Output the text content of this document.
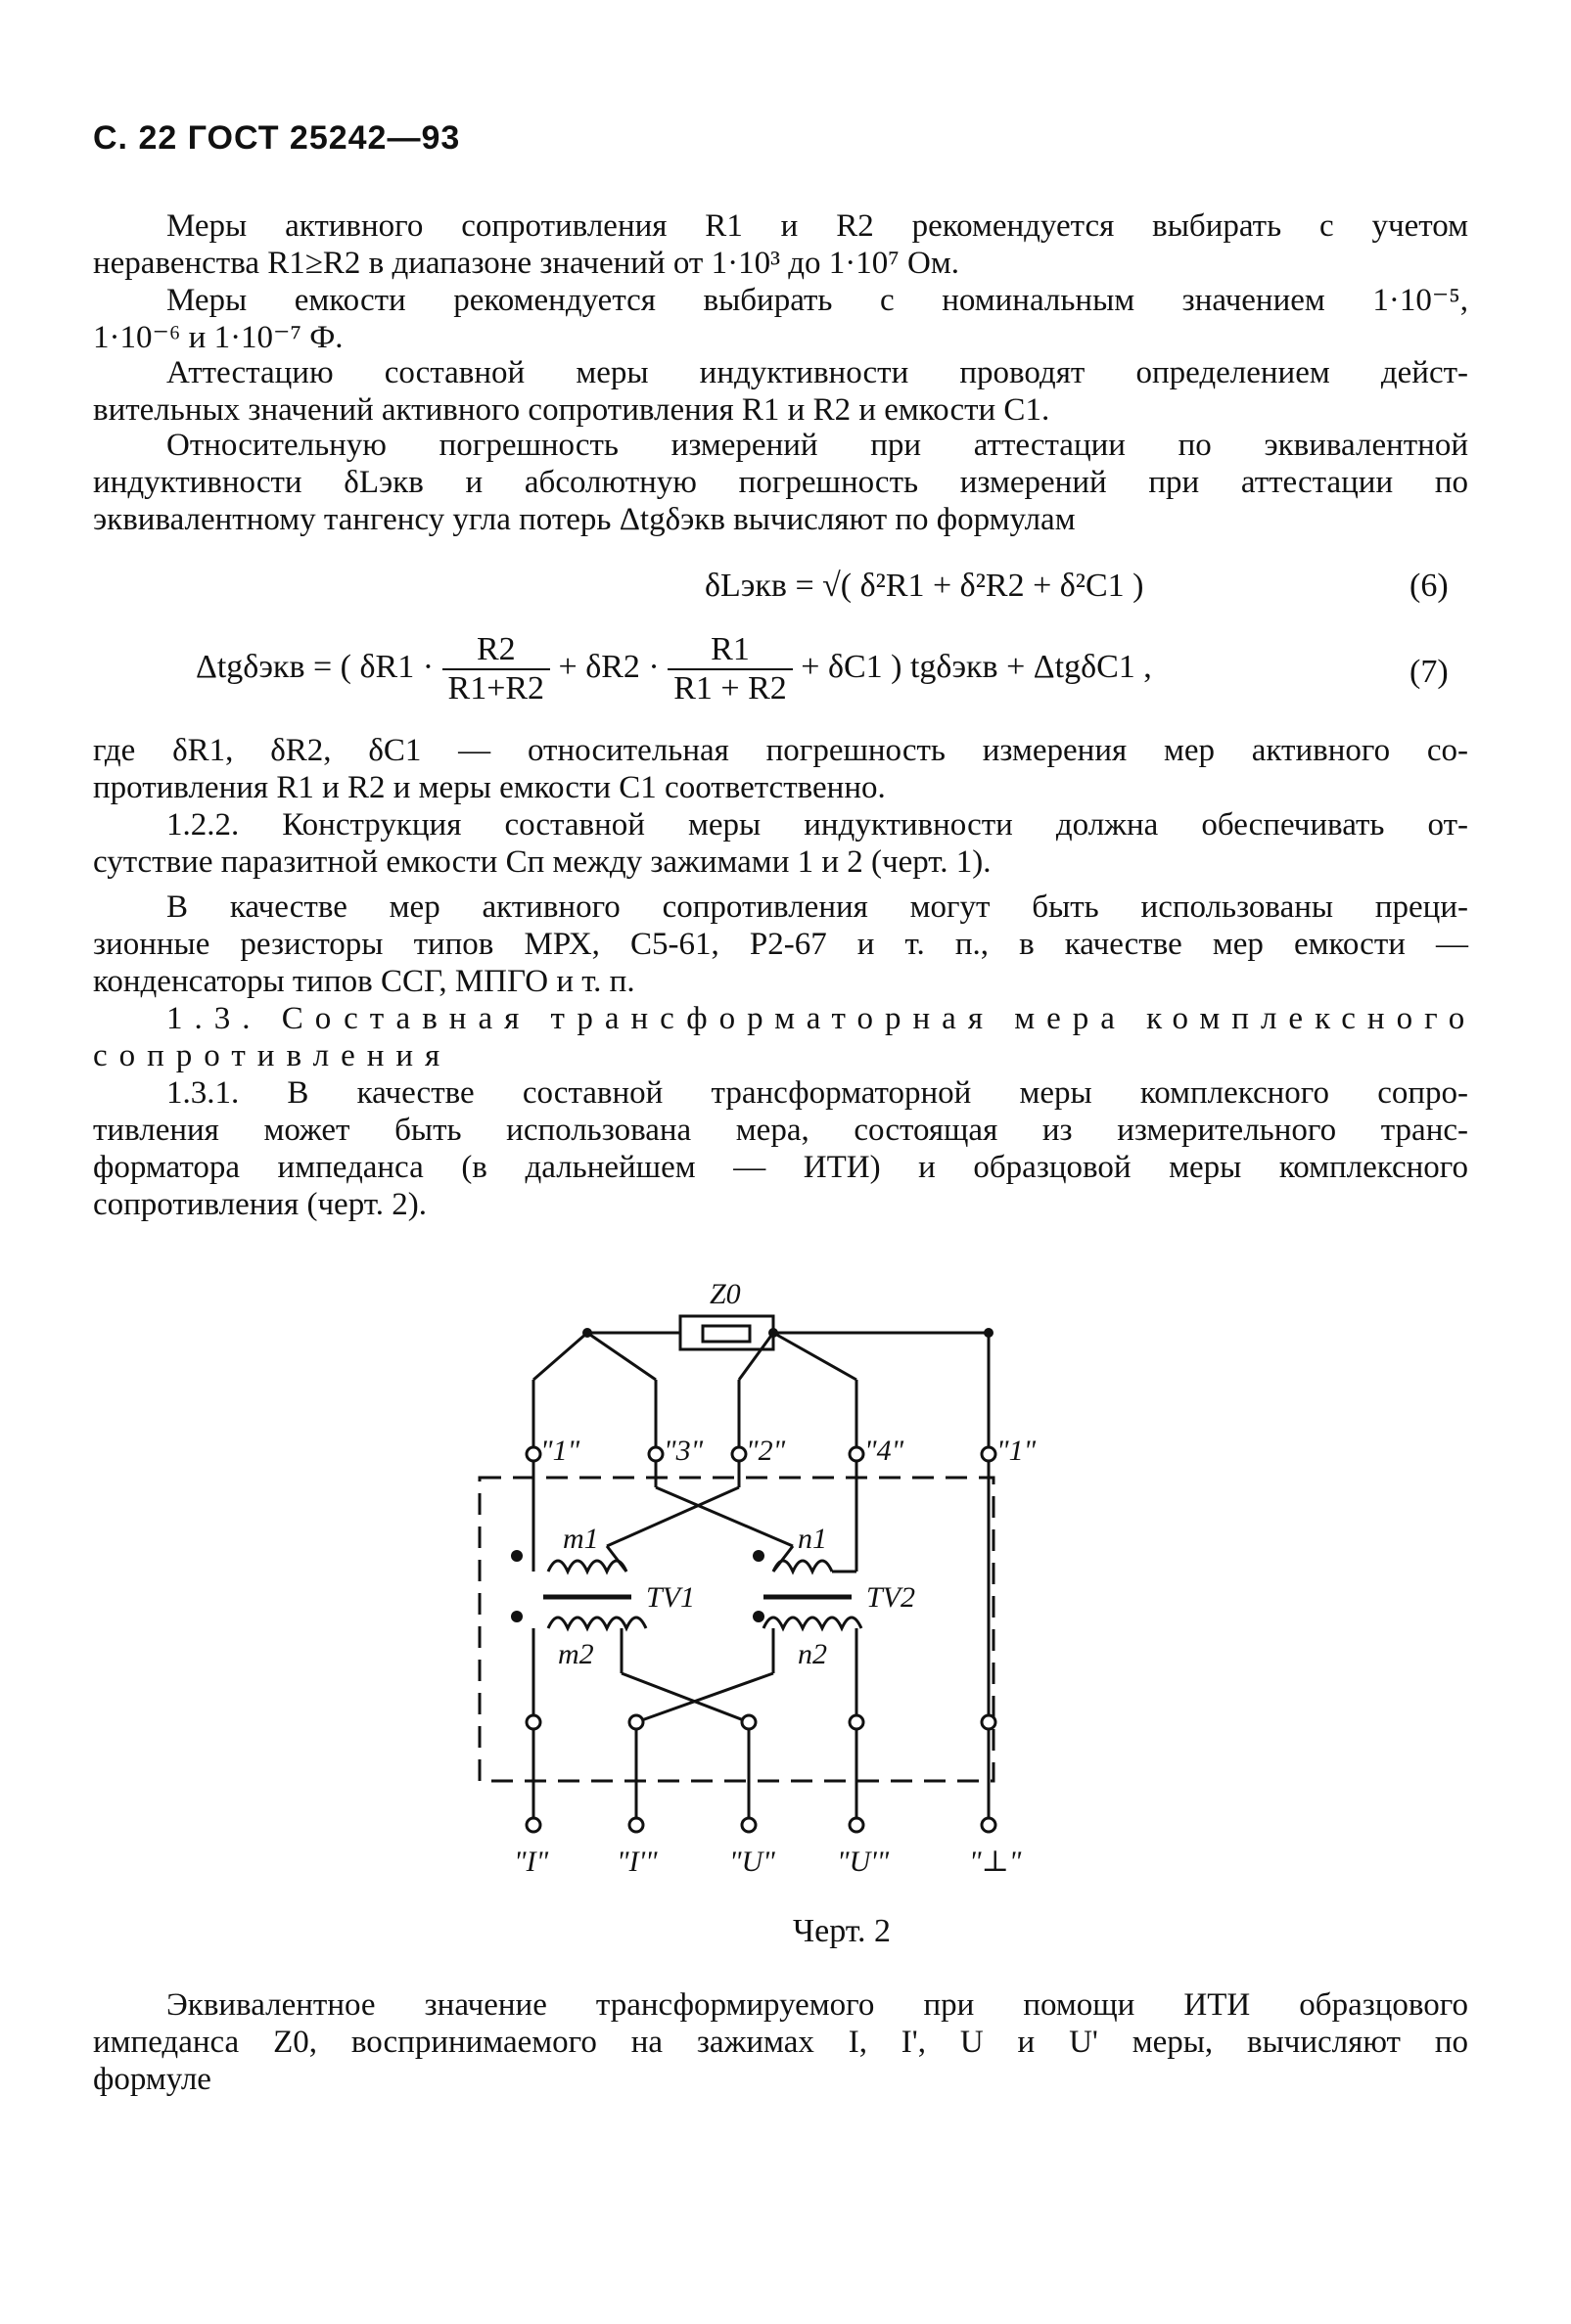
С. 22 ГОСТ 25242—93
Меры активного сопротивления R1 и R2 рекомендуется выбирать с учетом
неравенства R1≥R2 в диапазоне значений от 1·10³ до 1·10⁷ Ом.
Меры емкости рекомендуется выбирать с номинальным значением 1·10⁻⁵,
1·10⁻⁶ и 1·10⁻⁷ Ф.
Аттестацию составной меры индуктивности проводят определением дейст-
вительных значений активного сопротивления R1 и R2 и емкости C1.
Относительную погрешность измерений при аттестации по эквивалентной
индуктивности δLэкв и абсолютную погрешность измерений при аттестации по
эквивалентному тангенсу угла потерь Δtgδэкв вычисляют по формулам
δLэкв = √( δ²R1 + δ²R2 + δ²C1 )	(6)
Δtgδэкв = ( $\delta R1 \cdot \frac{R2}{R1+R2} + \delta R2 \cdot \frac{R1}{R1 + R2} + \delta C1$ ) tgδэкв + ΔtgδC1 ,	(7)
где δR1, δR2, δC1 — относительная погрешность измерения мер активного со-
противления R1 и R2 и меры емкости C1 соответственно.
1.2.2. Конструкция составной меры индуктивности должна обеспечивать от-
сутствие паразитной емкости Cп между зажимами 1 и 2 (черт. 1).
В качестве мер активного сопротивления могут быть использованы преци-
зионные резисторы типов МРХ, С5-61, Р2-67 и т. п., в качестве мер емкости —
конденсаторы типов ССГ, МПГО и т. п.
1.3. Составная трансформаторная мера комплексного
сопротивления
1.3.1. В качестве составной трансформаторной меры комплексного сопро-
тивления может быть использована мера, состоящая из измерительного транс-
форматора импеданса (в дальнейшем — ИТИ) и образцовой меры комплексного
сопротивления (черт. 2).
Z0
"1"	"3" "2"	"4"	"1"
m1	n1
TV1	TV2
m2	n2
"I" "I'" "U" "U'"	"⊥"
Черт. 2
Эквивалентное значение трансформируемого при помощи ИТИ образцового
импеданса Z0, воспринимаемого на зажимах I, I', U и U' меры, вычисляют по
формуле
